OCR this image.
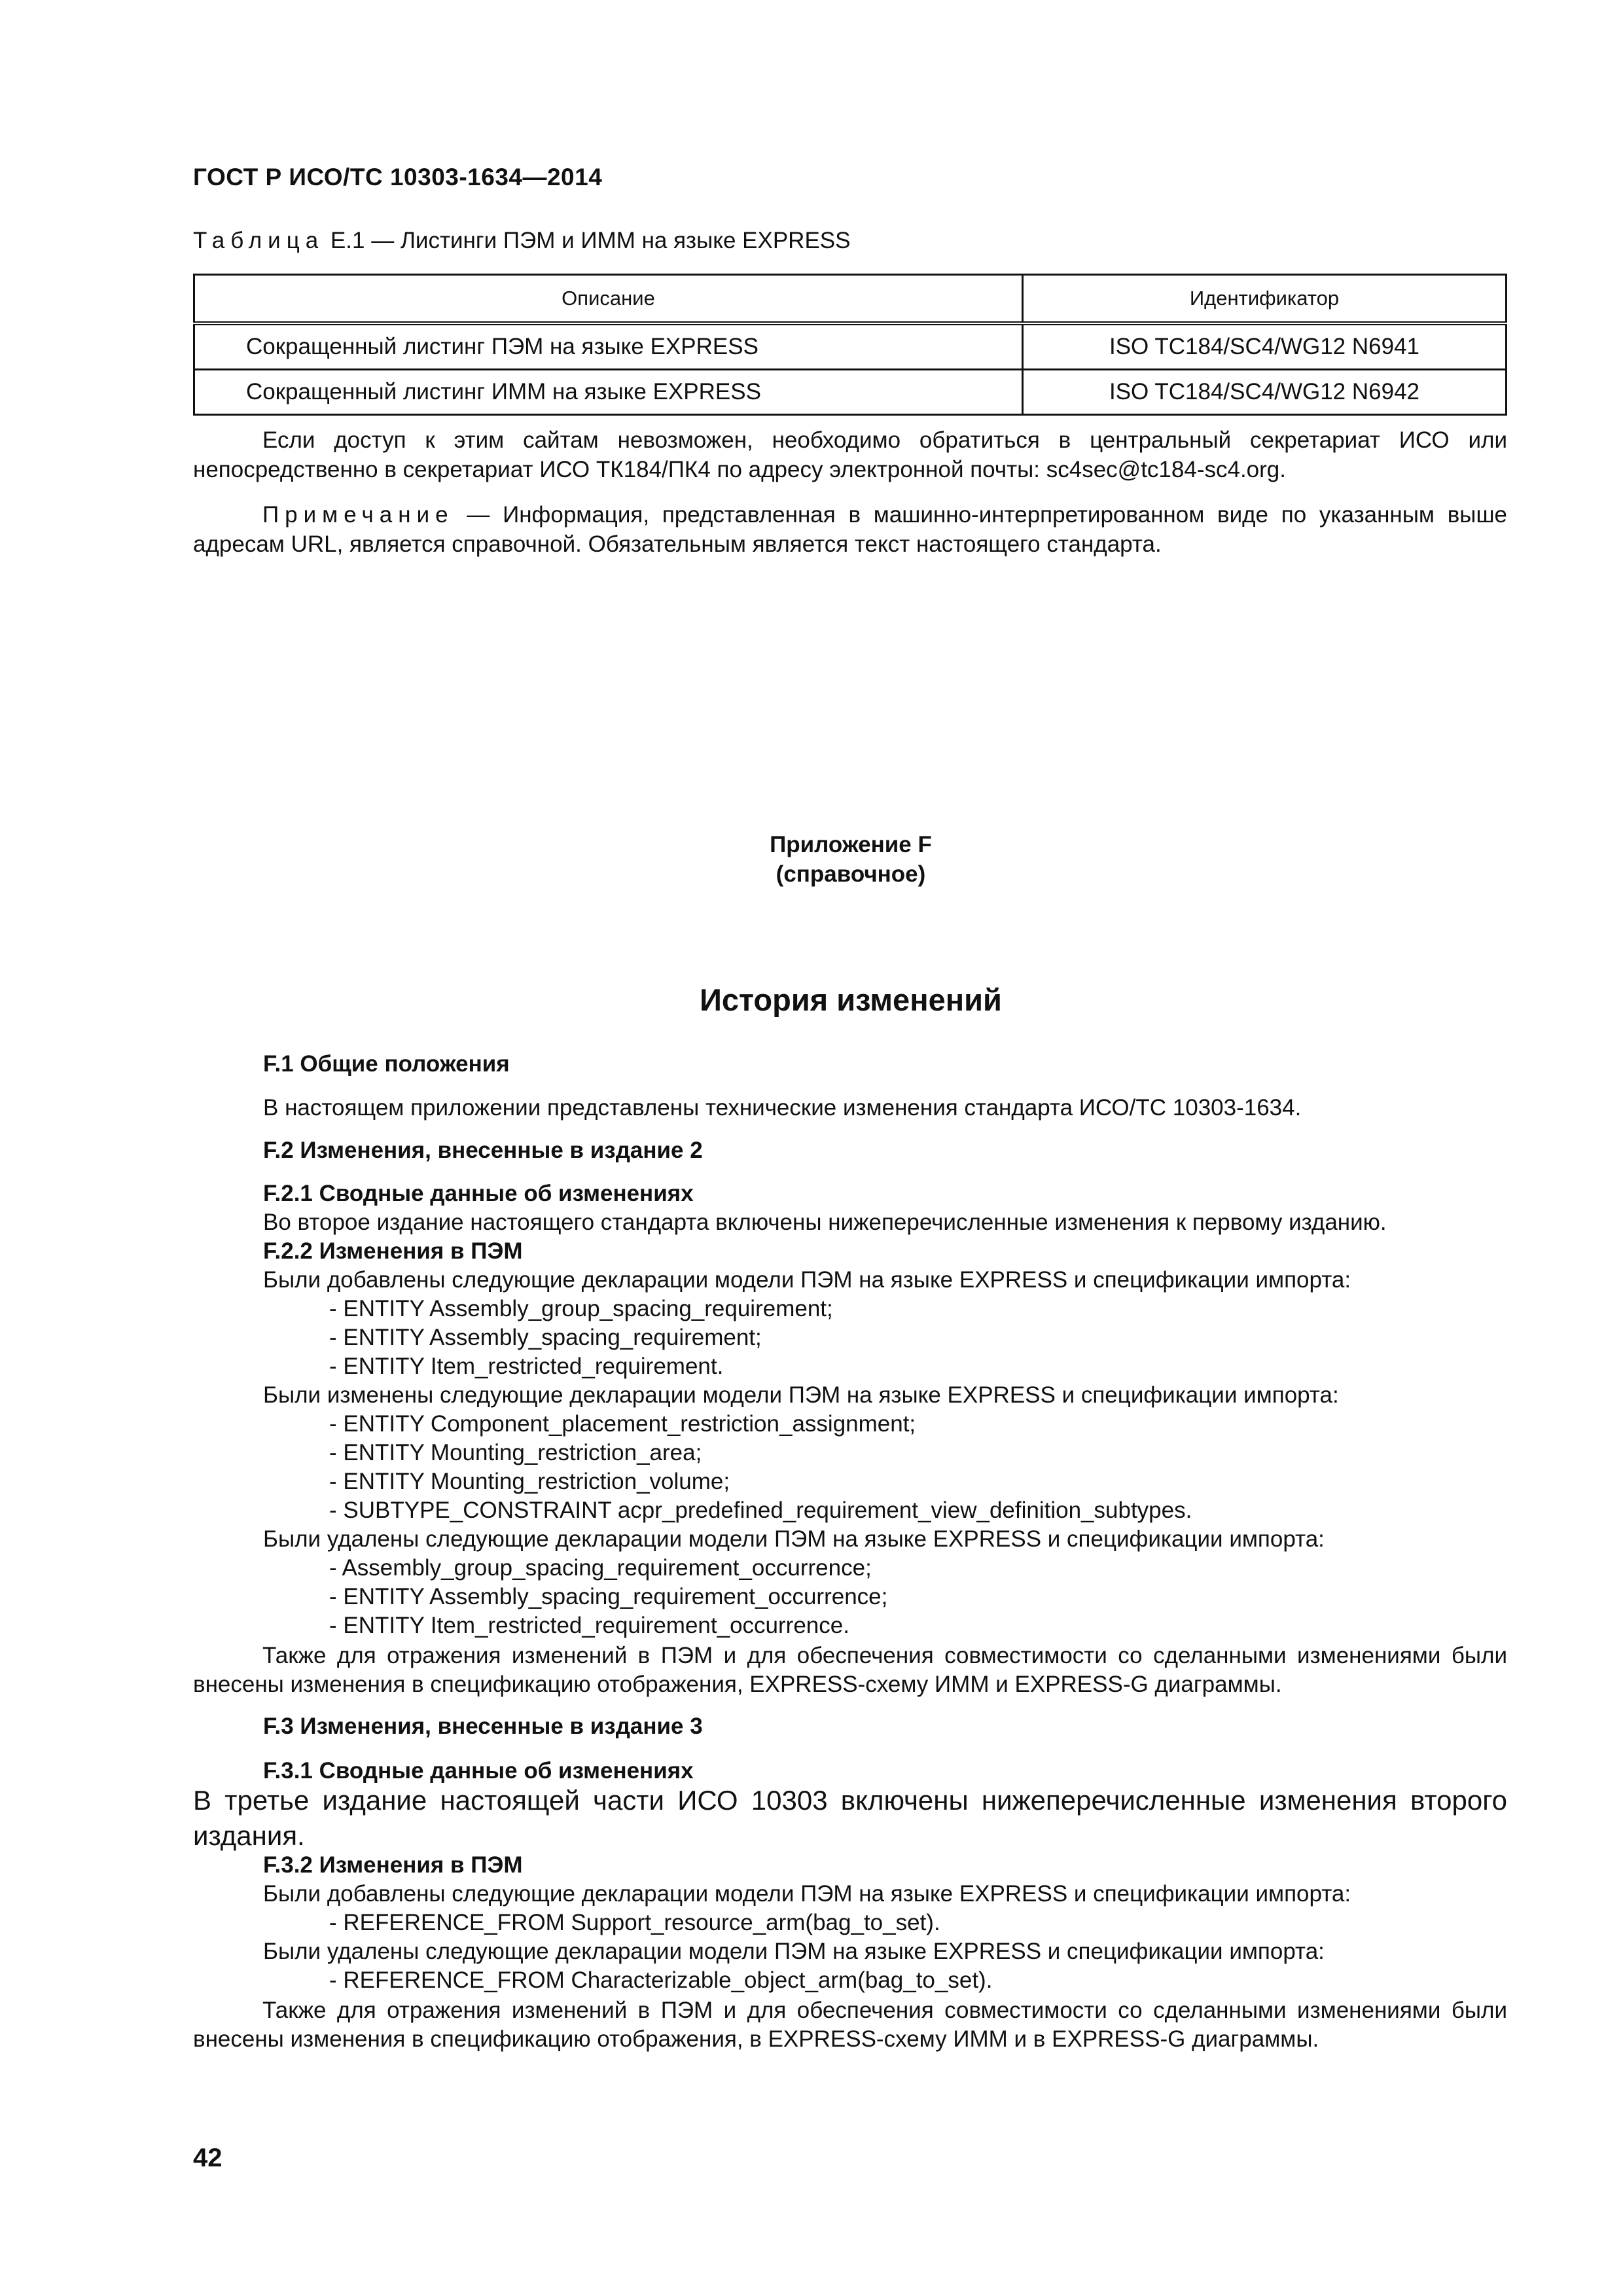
ГОСТ Р ИСО/ТС 10303-1634—2014
Таблица Е.1 — Листинги ПЭМ и ИММ на языке EXPRESS
Описание	Идентификатор
Сокращенный листинг ПЭМ на языке EXPRESS	ISO TC184/SC4/WG12 N6941
Сокращенный листинг ИММ на языке EXPRESS	ISO TC184/SC4/WG12 N6942
Если доступ к этим сайтам невозможен, необходимо обратиться в центральный секретариат ИСО или непосредственно в секретариат ИСО ТК184/ПК4 по адресу электронной почты: sc4sec@tc184-sc4.org.
Примечание — Информация, представленная в машинно-интерпретированном виде по указанным выше адресам URL, является справочной. Обязательным является текст настоящего стандарта.
Приложение F
(справочное)
История изменений
F.1 Общие положения
В настоящем приложении представлены технические изменения стандарта ИСО/ТС 10303-1634.
F.2 Изменения, внесенные в издание 2
F.2.1 Сводные данные об изменениях
Во второе издание настоящего стандарта включены нижеперечисленные изменения к первому изданию.
F.2.2 Изменения в ПЭМ
Были добавлены следующие декларации модели ПЭМ на языке EXPRESS и спецификации импорта:
- ENTITY Assembly_group_spacing_requirement;
- ENTITY Assembly_spacing_requirement;
- ENTITY Item_restricted_requirement.
Были изменены следующие декларации модели ПЭМ на языке EXPRESS и спецификации импорта:
- ENTITY Component_placement_restriction_assignment;
- ENTITY Mounting_restriction_area;
- ENTITY Mounting_restriction_volume;
- SUBTYPE_CONSTRAINT acpr_predefined_requirement_view_definition_subtypes.
Были удалены следующие декларации модели ПЭМ на языке EXPRESS и спецификации импорта:
- Assembly_group_spacing_requirement_occurrence;
- ENTITY Assembly_spacing_requirement_occurrence;
- ENTITY Item_restricted_requirement_occurrence.
Также для отражения изменений в ПЭМ и для обеспечения совместимости со сделанными изменениями были внесены изменения в спецификацию отображения, EXPRESS-схему ИММ и EXPRESS-G диаграммы.
F.3 Изменения, внесенные в издание 3
F.3.1 Сводные данные об изменениях
В третье издание настоящей части ИСО 10303 включены нижеперечисленные изменения второго издания.
F.3.2 Изменения в ПЭМ
Были добавлены следующие декларации модели ПЭМ на языке EXPRESS и спецификации импорта:
- REFERENCE_FROM Support_resource_arm(bag_to_set).
Были удалены следующие декларации модели ПЭМ на языке EXPRESS и спецификации импорта:
- REFERENCE_FROM Characterizable_object_arm(bag_to_set).
Также для отражения изменений в ПЭМ и для обеспечения совместимости со сделанными изменениями были внесены изменения в спецификацию отображения, в EXPRESS-схему ИММ и в EXPRESS-G диаграммы.
42
